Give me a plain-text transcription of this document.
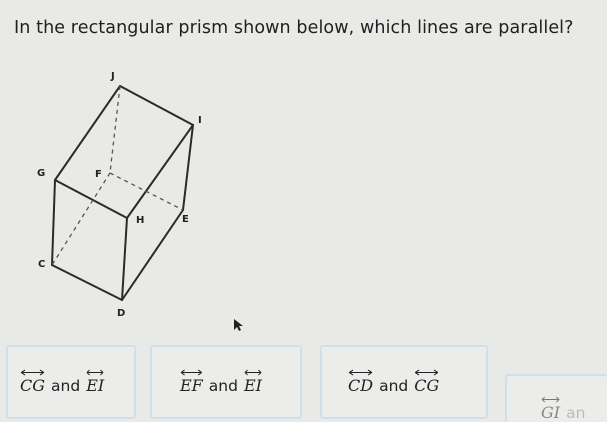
In the rectangular prism shown below, which lines are parallel?
J
I
G	F
H	E
C
D
CG and EI	EF and EI	CD and CG
GI an
